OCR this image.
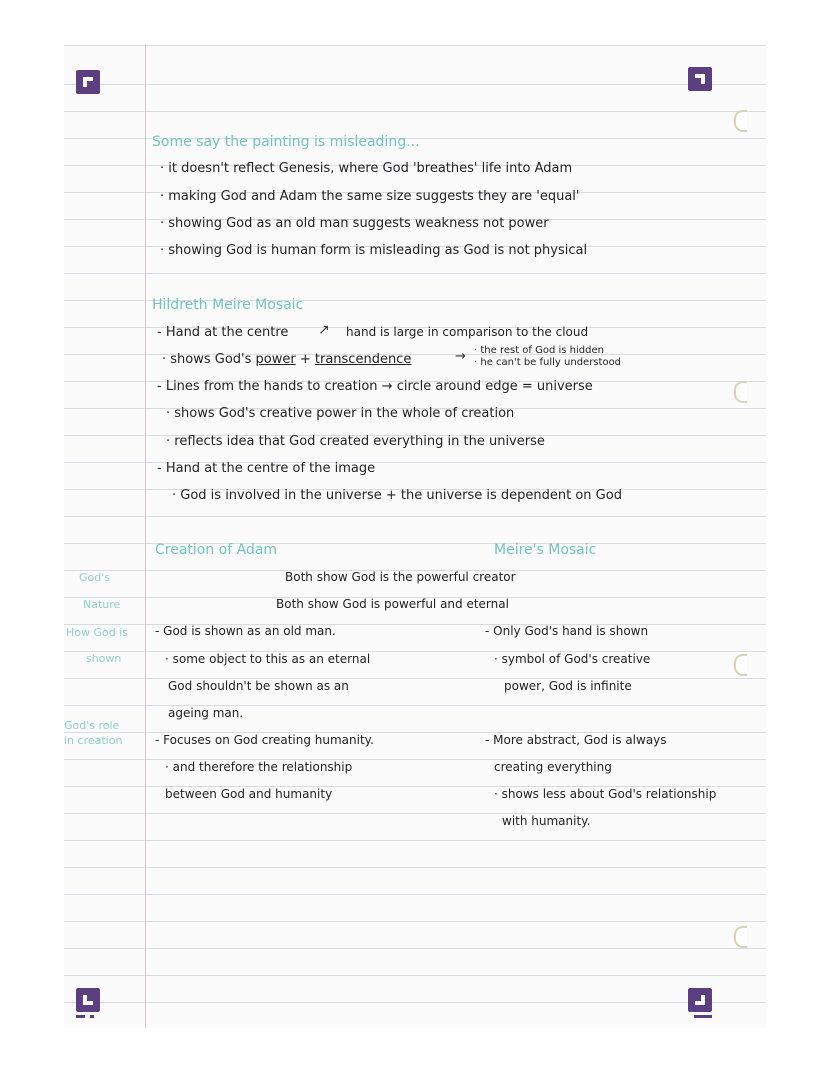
Some say the painting is misleading...
· it doesn't reflect Genesis, where God 'breathes' life into Adam
· making God and Adam the same size suggests they are 'equal'
· showing God as an old man suggests weakness not power
· showing God is human form is misleading as God is not physical
Hildreth Meire Mosaic
- Hand at the centre ↗ hand is large in comparison to the cloud
· shows God's power + transcendence	→ · the rest of God is hidden
· he can't be fully understood
- Lines from the hands to creation → circle around edge = universe
· shows God's creative power in the whole of creation
· reflects idea that God created everything in the universe
- Hand at the centre of the image
· God is involved in the universe + the universe is dependent on God
Creation of Adam	Meire's Mosaic
Both show God is the powerful creator
Both show God is powerful and eternal
God's
Nature
How God is
shown
God's role
in creation
- God is shown as an old man.
· some object to this as an eternal
God shouldn't be shown as an
ageing man.
- Focuses on God creating humanity.
· and therefore the relationship
between God and humanity
- Only God's hand is shown
· symbol of God's creative
power, God is infinite
- More abstract, God is always
creating everything
· shows less about God's relationship
with humanity.
